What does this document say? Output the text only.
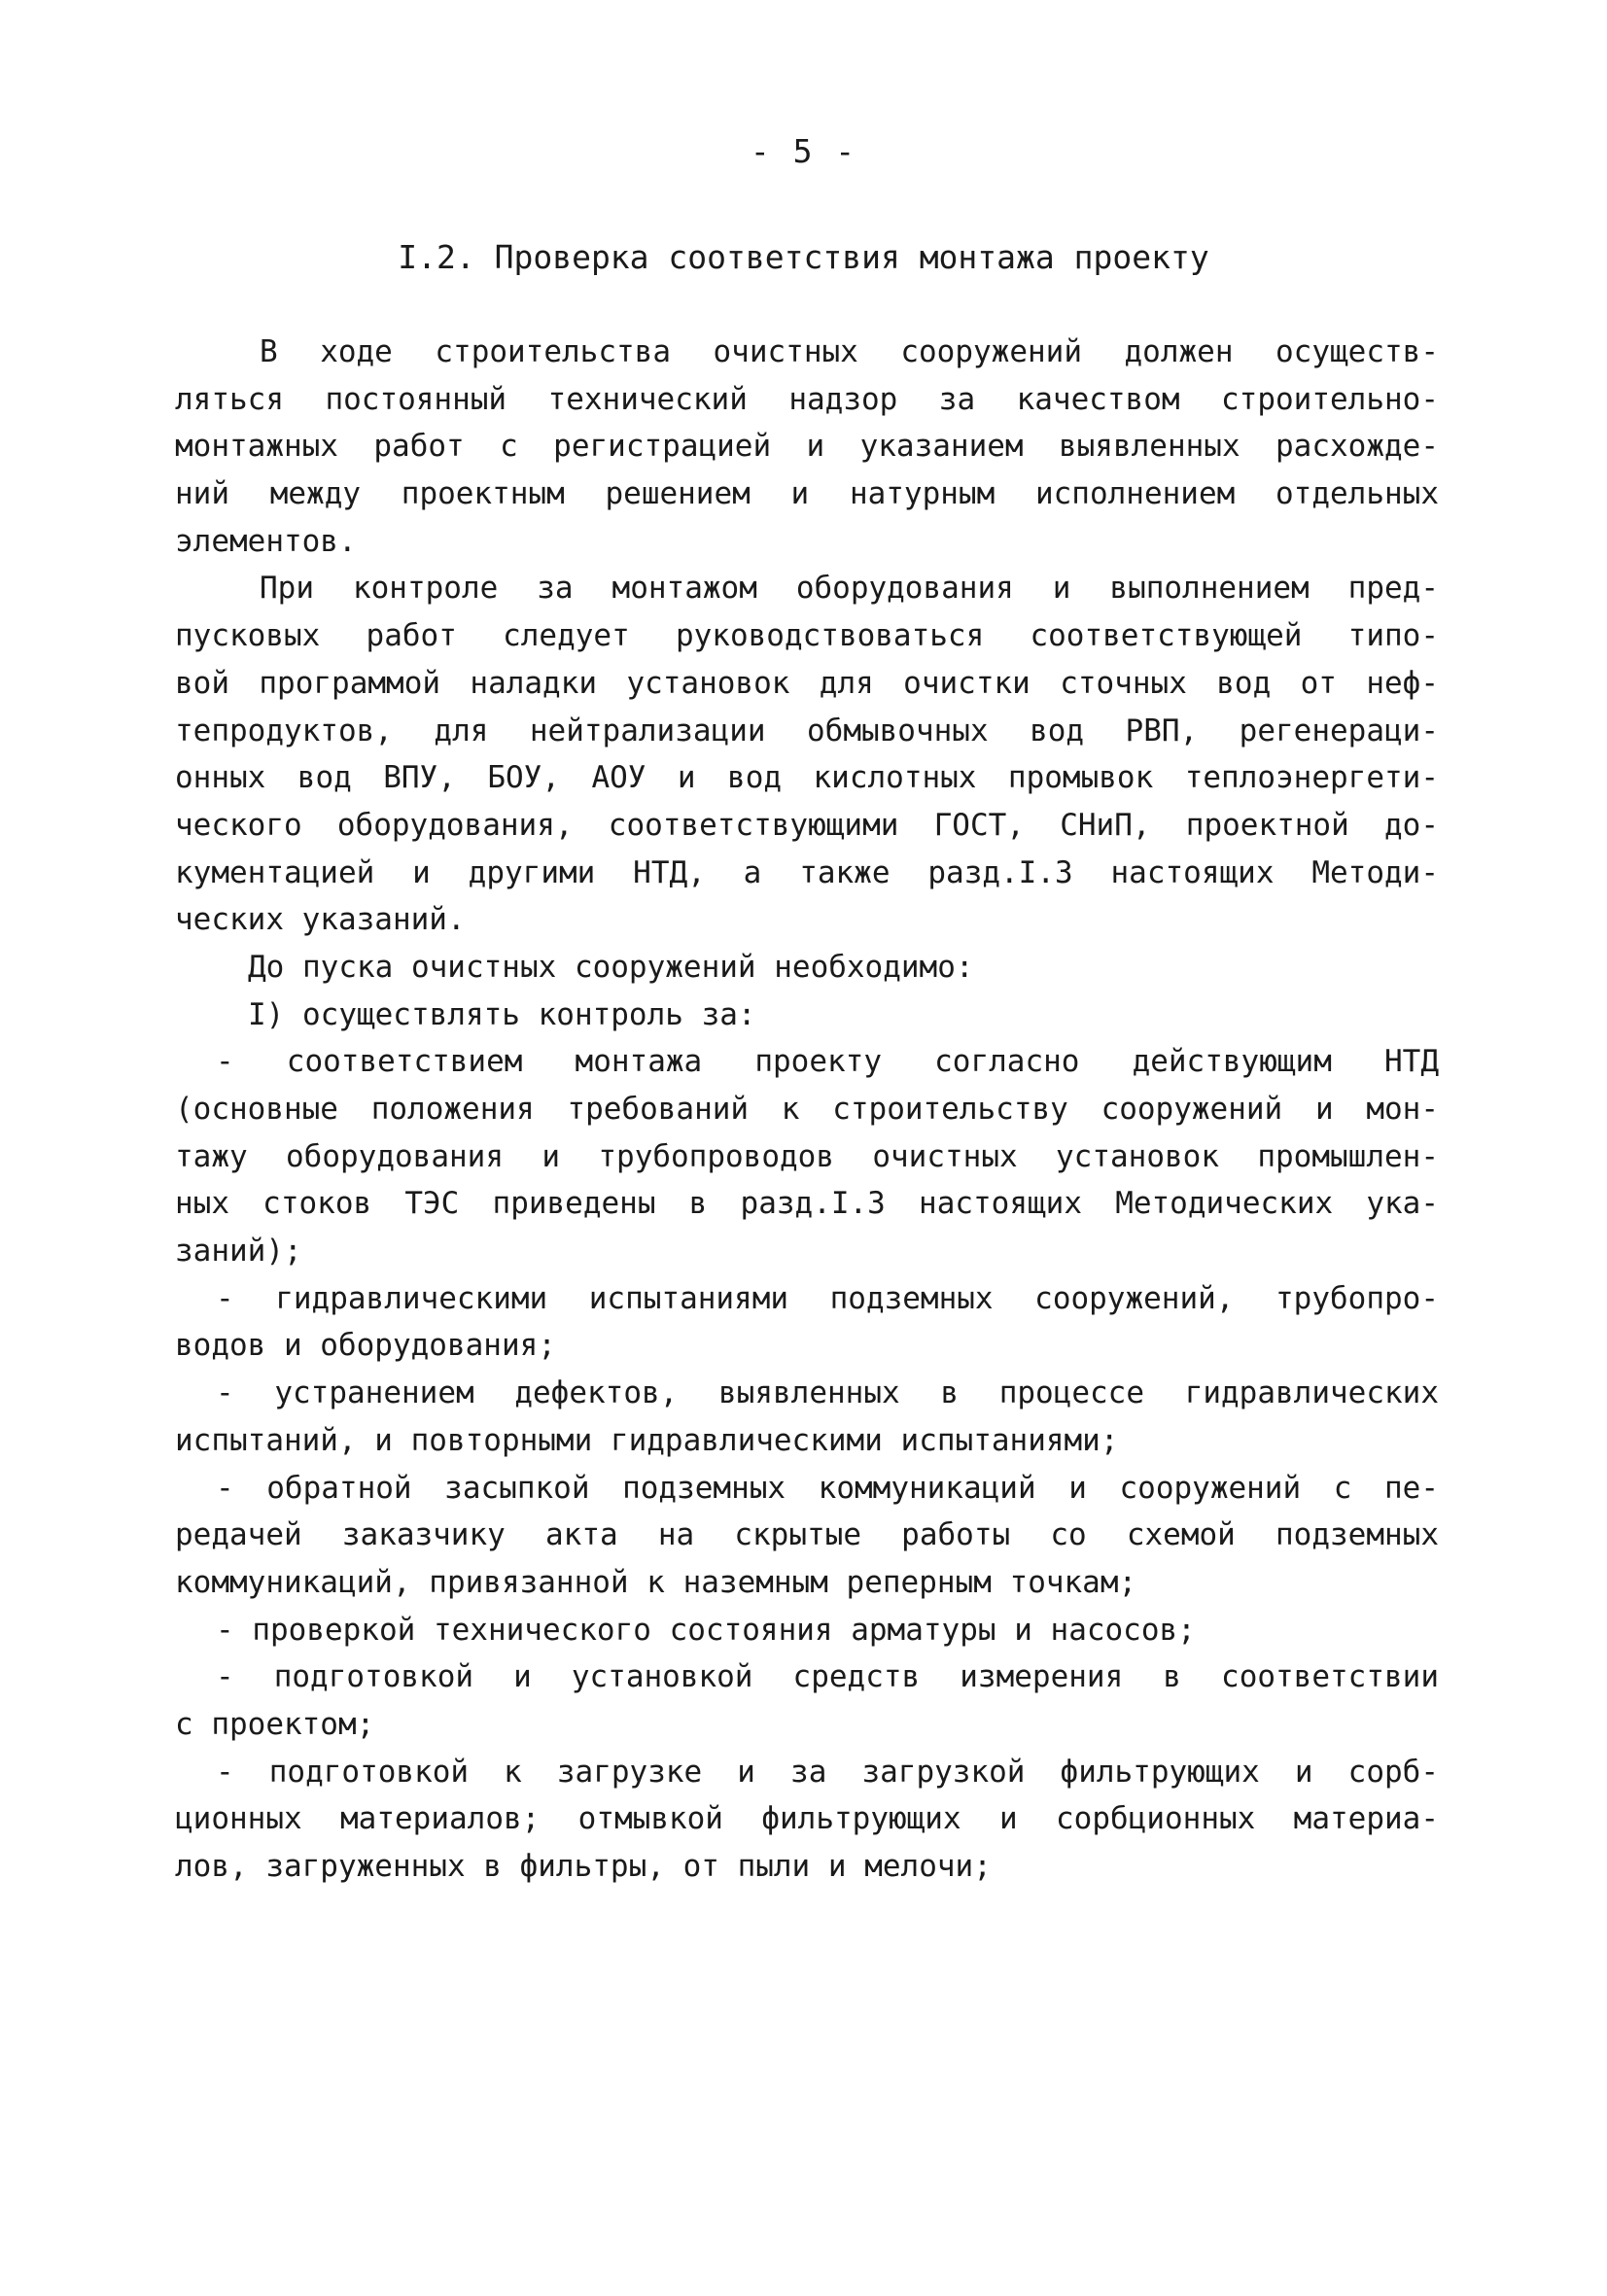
- 5 -
I.2. Проверка соответствия монтажа проекту
В ходе строительства очистных сооружений должен осуществ-
ляться постоянный технический надзор за качеством строительно-
монтажных работ с регистрацией и указанием выявленных расхожде-
ний между проектным решением и натурным исполнением отдельных
элементов.
При контроле за монтажом оборудования и выполнением пред-
пусковых работ следует руководствоваться соответствующей типо-
вой программой наладки установок для очистки сточных вод от неф-
тепродуктов, для нейтрализации обмывочных вод РВП, регенераци-
онных вод ВПУ, БОУ, АОУ и вод кислотных промывок теплоэнергети-
ческого оборудования, соответствующими ГОСТ, СНиП, проектной до-
кументацией и другими НТД, а также разд.I.3 настоящих Методи-
ческих указаний.
До пуска очистных сооружений необходимо:
I) осуществлять контроль за:
- соответствием монтажа проекту согласно действующим НТД
(основные положения требований к строительству сооружений и мон-
тажу оборудования и трубопроводов очистных установок промышлен-
ных стоков ТЭС приведены в разд.I.3 настоящих Методических ука-
заний);
- гидравлическими испытаниями подземных сооружений, трубопро-
водов и оборудования;
- устранением дефектов, выявленных в процессе гидравлических
испытаний, и повторными гидравлическими испытаниями;
- обратной засыпкой подземных коммуникаций и сооружений с пе-
редачей заказчику акта на скрытые работы со схемой подземных
коммуникаций, привязанной к наземным реперным точкам;
- проверкой технического состояния арматуры и насосов;
- подготовкой и установкой средств измерения в соответствии
с проектом;
- подготовкой к загрузке и за загрузкой фильтрующих и сорб-
ционных материалов; отмывкой фильтрующих и сорбционных материа-
лов, загруженных в фильтры, от пыли и мелочи;
